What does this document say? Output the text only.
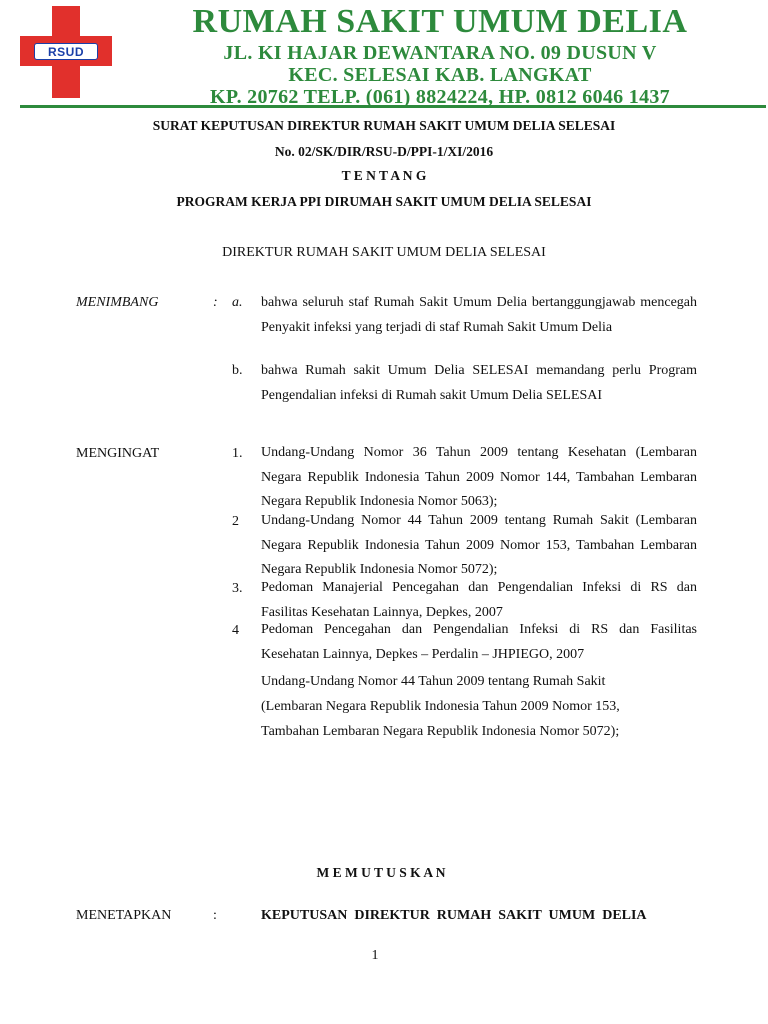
RSUD
RUMAH SAKIT UMUM DELIA
JL. KI HAJAR DEWANTARA NO. 09 DUSUN V
KEC. SELESAI KAB. LANGKAT
KP. 20762 TELP. (061) 8824224, HP. 0812 6046 1437
SURAT KEPUTUSAN DIREKTUR RUMAH SAKIT UMUM DELIA SELESAI
No. 02/SK/DIR/RSU-D/PPI-1/XI/2016
T E N T A N G
PROGRAM KERJA PPI DIRUMAH SAKIT UMUM DELIA SELESAI
DIREKTUR RUMAH SAKIT UMUM DELIA SELESAI
MENIMBANG	: a. bahwa seluruh staf Rumah Sakit Umum Delia bertanggungjawab mencegah Penyakit infeksi yang terjadi di staf Rumah Sakit Umum Delia
b. bahwa Rumah sakit Umum Delia SELESAI memandang perlu Program Pengendalian infeksi di Rumah sakit Umum Delia SELESAI
MENGINGAT	1. Undang-Undang Nomor 36 Tahun 2009 tentang Kesehatan (Lembaran Negara Republik Indonesia Tahun 2009 Nomor 144, Tambahan Lembaran Negara Republik Indonesia Nomor 5063);
2 Undang-Undang Nomor 44 Tahun 2009 tentang Rumah Sakit (Lembaran Negara Republik Indonesia Tahun 2009 Nomor 153, Tambahan Lembaran Negara Republik Indonesia Nomor 5072);
3. Pedoman Manajerial Pencegahan dan Pengendalian Infeksi di RS dan Fasilitas Kesehatan Lainnya, Depkes, 2007
4 Pedoman Pencegahan dan Pengendalian Infeksi di RS dan Fasilitas Kesehatan Lainnya, Depkes – Perdalin – JHPIEGO, 2007
Undang-Undang Nomor 44 Tahun 2009 tentang Rumah Sakit
(Lembaran Negara Republik Indonesia Tahun 2009 Nomor 153,
Tambahan Lembaran Negara Republik Indonesia Nomor 5072);
M E M U T U S K A N
MENETAPKAN	:	KEPUTUSAN  DIREKTUR  RUMAH  SAKIT  UMUM  DELIA
1
